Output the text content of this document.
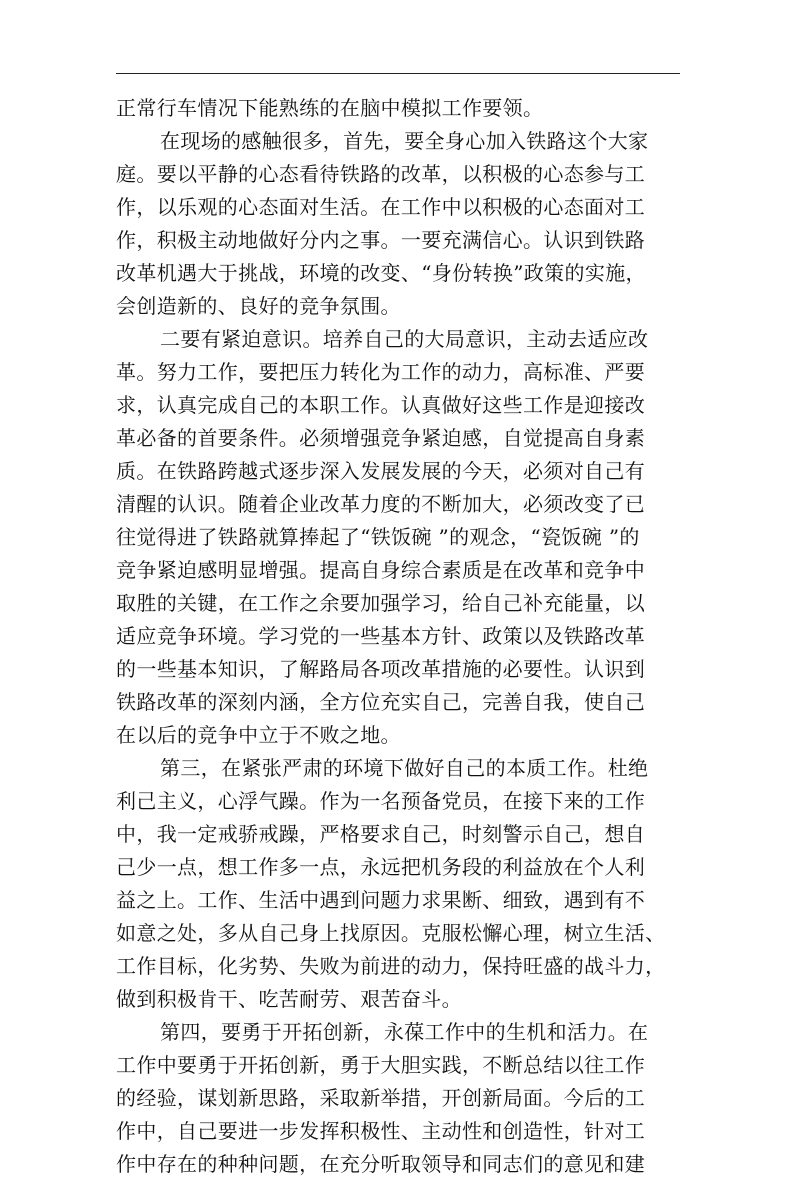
正常行车情况下能熟练的在脑中模拟工作要领。
在现场的感触很多，首先，要全身心加入铁路这个大家
庭。要以平静的心态看待铁路的改革，以积极的心态参与工
作，以乐观的心态面对生活。在工作中以积极的心态面对工
作，积极主动地做好分内之事。一要充满信心。认识到铁路
改革机遇大于挑战，环境的改变、“身份转换”政策的实施，
会创造新的、良好的竞争氛围。
二要有紧迫意识。培养自己的大局意识，主动去适应改
革。努力工作，要把压力转化为工作的动力，高标准、严要
求，认真完成自己的本职工作。认真做好这些工作是迎接改
革必备的首要条件。必须增强竞争紧迫感，自觉提高自身素
质。在铁路跨越式逐步深入发展发展的今天，必须对自己有
清醒的认识。随着企业改革力度的不断加大，必须改变了已
往觉得进了铁路就算捧起了“铁饭碗 ”的观念，“瓷饭碗 ”的
竞争紧迫感明显增强。提高自身综合素质是在改革和竞争中
取胜的关键，在工作之余要加强学习，给自己补充能量，以
适应竞争环境。学习党的一些基本方针、政策以及铁路改革
的一些基本知识，了解路局各项改革措施的必要性。认识到
铁路改革的深刻内涵，全方位充实自己，完善自我，使自己
在以后的竞争中立于不败之地。
第三，在紧张严肃的环境下做好自己的本质工作。杜绝
利己主义，心浮气躁。作为一名预备党员，在接下来的工作
中，我一定戒骄戒躁，严格要求自己，时刻警示自己，想自
己少一点，想工作多一点，永远把机务段的利益放在个人利
益之上。工作、生活中遇到问题力求果断、细致，遇到有不
如意之处，多从自己身上找原因。克服松懈心理，树立生活、
工作目标，化劣势、失败为前进的动力，保持旺盛的战斗力，
做到积极肯干、吃苦耐劳、艰苦奋斗。
第四，要勇于开拓创新，永葆工作中的生机和活力。在
工作中要勇于开拓创新，勇于大胆实践，不断总结以往工作
的经验，谋划新思路，采取新举措，开创新局面。今后的工
作中，自己要进一步发挥积极性、主动性和创造性，针对工
作中存在的种种问题，在充分听取领导和同志们的意见和建
